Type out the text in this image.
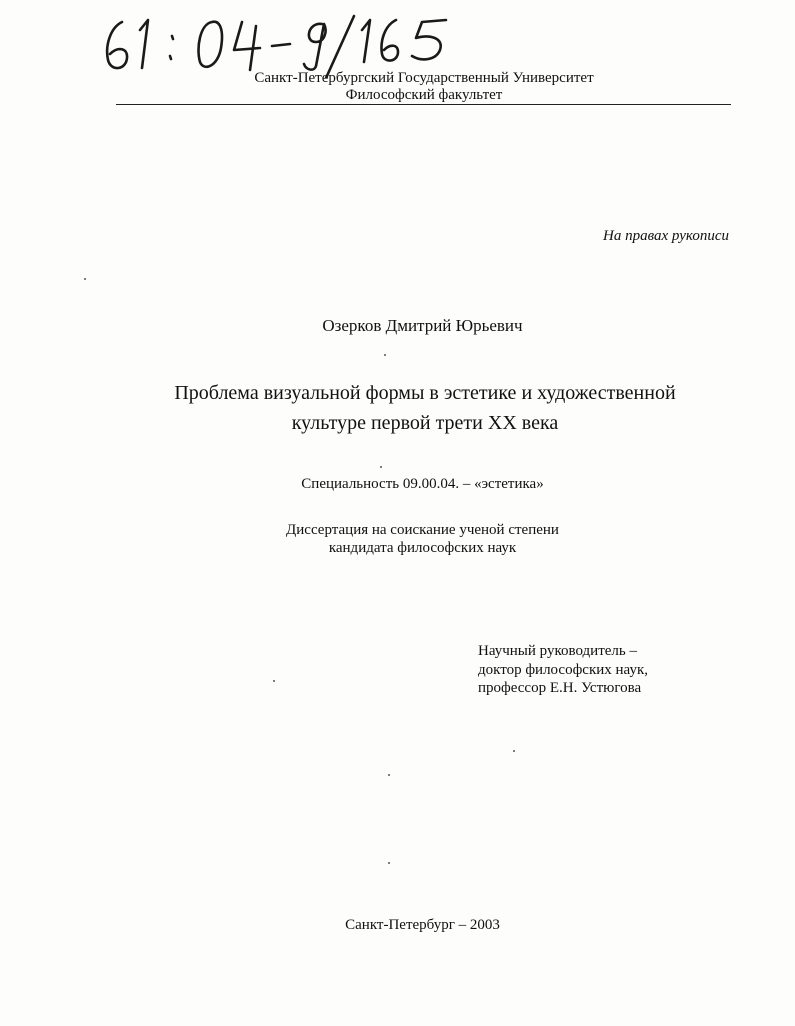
Санкт-Петербургский Государственный Университет
Философский факультет
На правах рукописи
Озерков Дмитрий Юрьевич
Проблема визуальной формы в эстетике и художественной
культуре первой трети XX века
Специальность 09.00.04. – «эстетика»
Диссертация на соискание ученой степени
кандидата философских наук
Научный руководитель –
доктор философских наук,
профессор Е.Н. Устюгова
Санкт-Петербург – 2003
